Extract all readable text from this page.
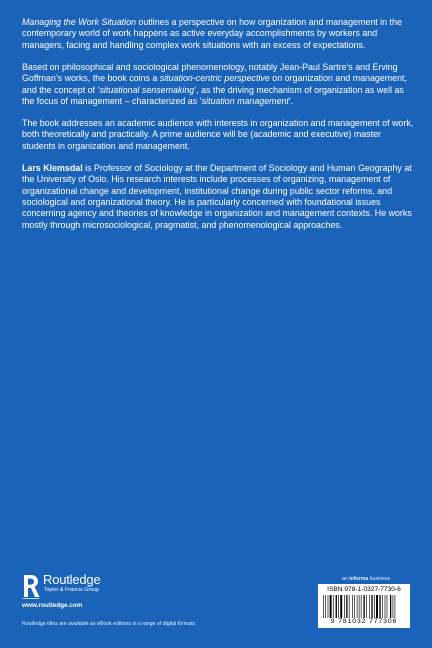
Managing the Work Situation outlines a perspective on how organization and management in the contemporary world of work happens as active everyday accomplishments by workers and managers, facing and handling complex work situations with an excess of expectations.

Based on philosophical and sociological phenomenology, notably Jean-Paul Sartre’s and Erving Goffman’s works, the book coins a situation-centric perspective on organization and management, and the concept of ‘situational sensemaking’, as the driving mechanism of organization as well as the focus of management – characterized as ‘situation management’.

The book addresses an academic audience with interests in organization and management of work, both theoretically and practically. A prime audience will be (academic and executive) master students in organization and management.

Lars Klemsdal is Professor of Sociology at the Department of Sociology and Human Geography at the University of Oslo. His research interests include processes of organizing, management of organizational change and development, institutional change during public sector reforms, and sociological and organizational theory. He is particularly concerned with foundational issues concerning agency and theories of knowledge in organization and management contexts. He works mostly through microsociological, pragmatist, and phenomenological approaches.

Routledge
Taylor & Francis Group
www.routledge.com
Routledge titles are available as eBook editions in a range of digital formats
an informa business
ISBN 978-1-0327-7730-6
9 781032 777306
